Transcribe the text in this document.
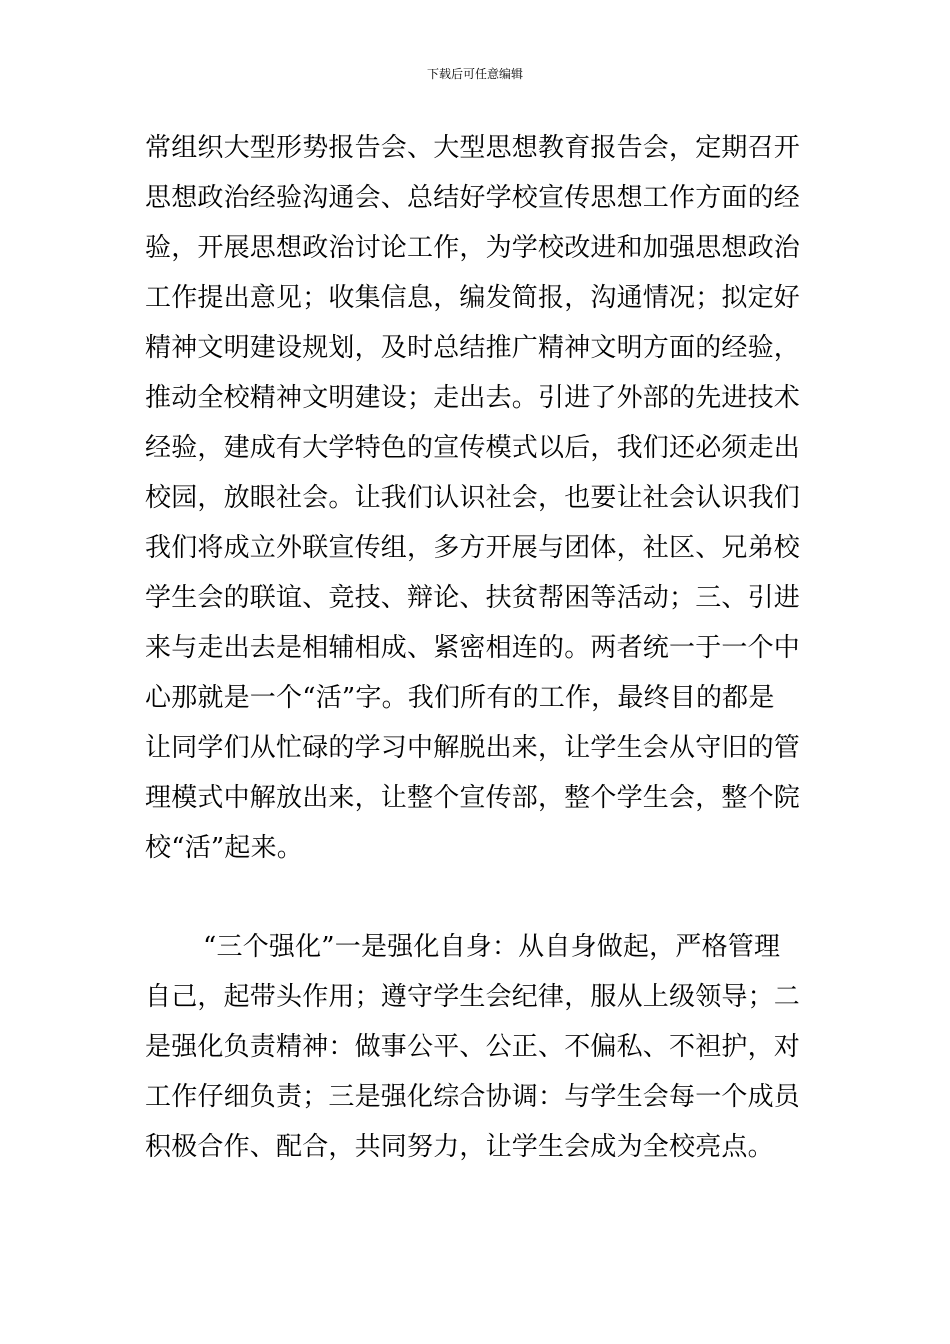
下载后可任意编辑
常组织大型形势报告会、大型思想教育报告会，定期召开
思想政治经验沟通会、总结好学校宣传思想工作方面的经
验，开展思想政治讨论工作，为学校改进和加强思想政治
工作提出意见；收集信息，编发简报，沟通情况；拟定好
精神文明建设规划，及时总结推广精神文明方面的经验，
推动全校精神文明建设；走出去。引进了外部的先进技术
经验，建成有大学特色的宣传模式以后，我们还必须走出
校园，放眼社会。让我们认识社会，也要让社会认识我们
我们将成立外联宣传组，多方开展与团体，社区、兄弟校
学生会的联谊、竞技、辩论、扶贫帮困等活动；三、引进
来与走出去是相辅相成、紧密相连的。两者统一于一个中
心那就是一个“活”字。我们所有的工作，最终目的都是
让同学们从忙碌的学习中解脱出来，让学生会从守旧的管
理模式中解放出来，让整个宣传部，整个学生会，整个院
校“活”起来。
“三个强化”一是强化自身：从自身做起，严格管理
自己，起带头作用；遵守学生会纪律，服从上级领导；二
是强化负责精神：做事公平、公正、不偏私、不袒护，对
工作仔细负责；三是强化综合协调：与学生会每一个成员
积极合作、配合，共同努力，让学生会成为全校亮点。
